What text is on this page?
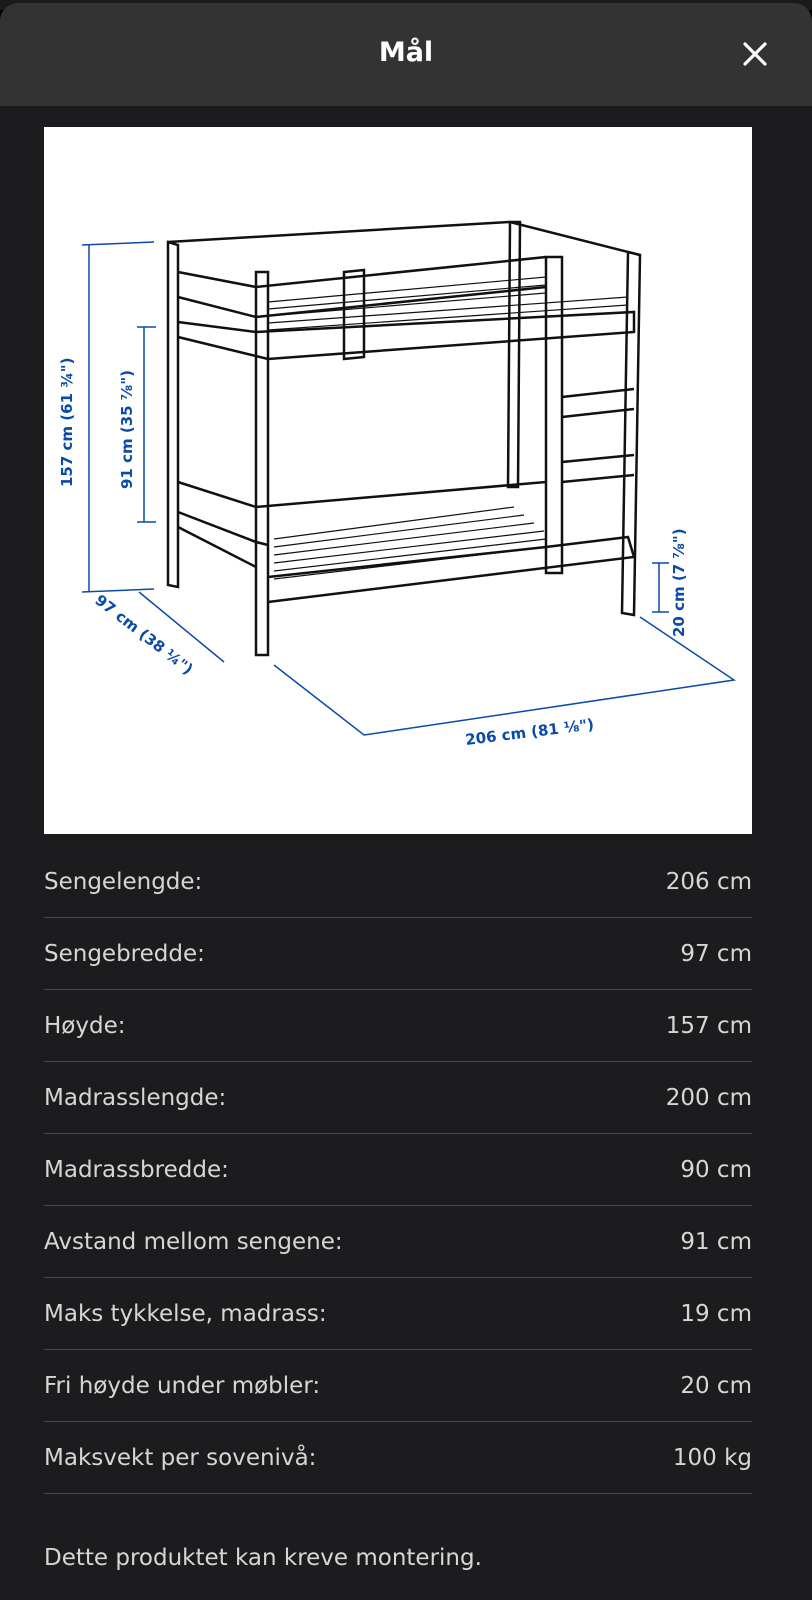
Mål
157 cm (61 ¾")	91 cm (35 ⅞")
97 cm (38 ¼")	20 cm (7 ⅞")
206 cm (81 ⅛")
Sengelengde:	206 cm
Sengebredde:	97 cm
Høyde:	157 cm
Madrasslengde:	200 cm
Madrassbredde:	90 cm
Avstand mellom sengene:	91 cm
Maks tykkelse, madrass:	19 cm
Fri høyde under møbler:	20 cm
Maksvekt per sovenivå:	100 kg
Dette produktet kan kreve montering.
